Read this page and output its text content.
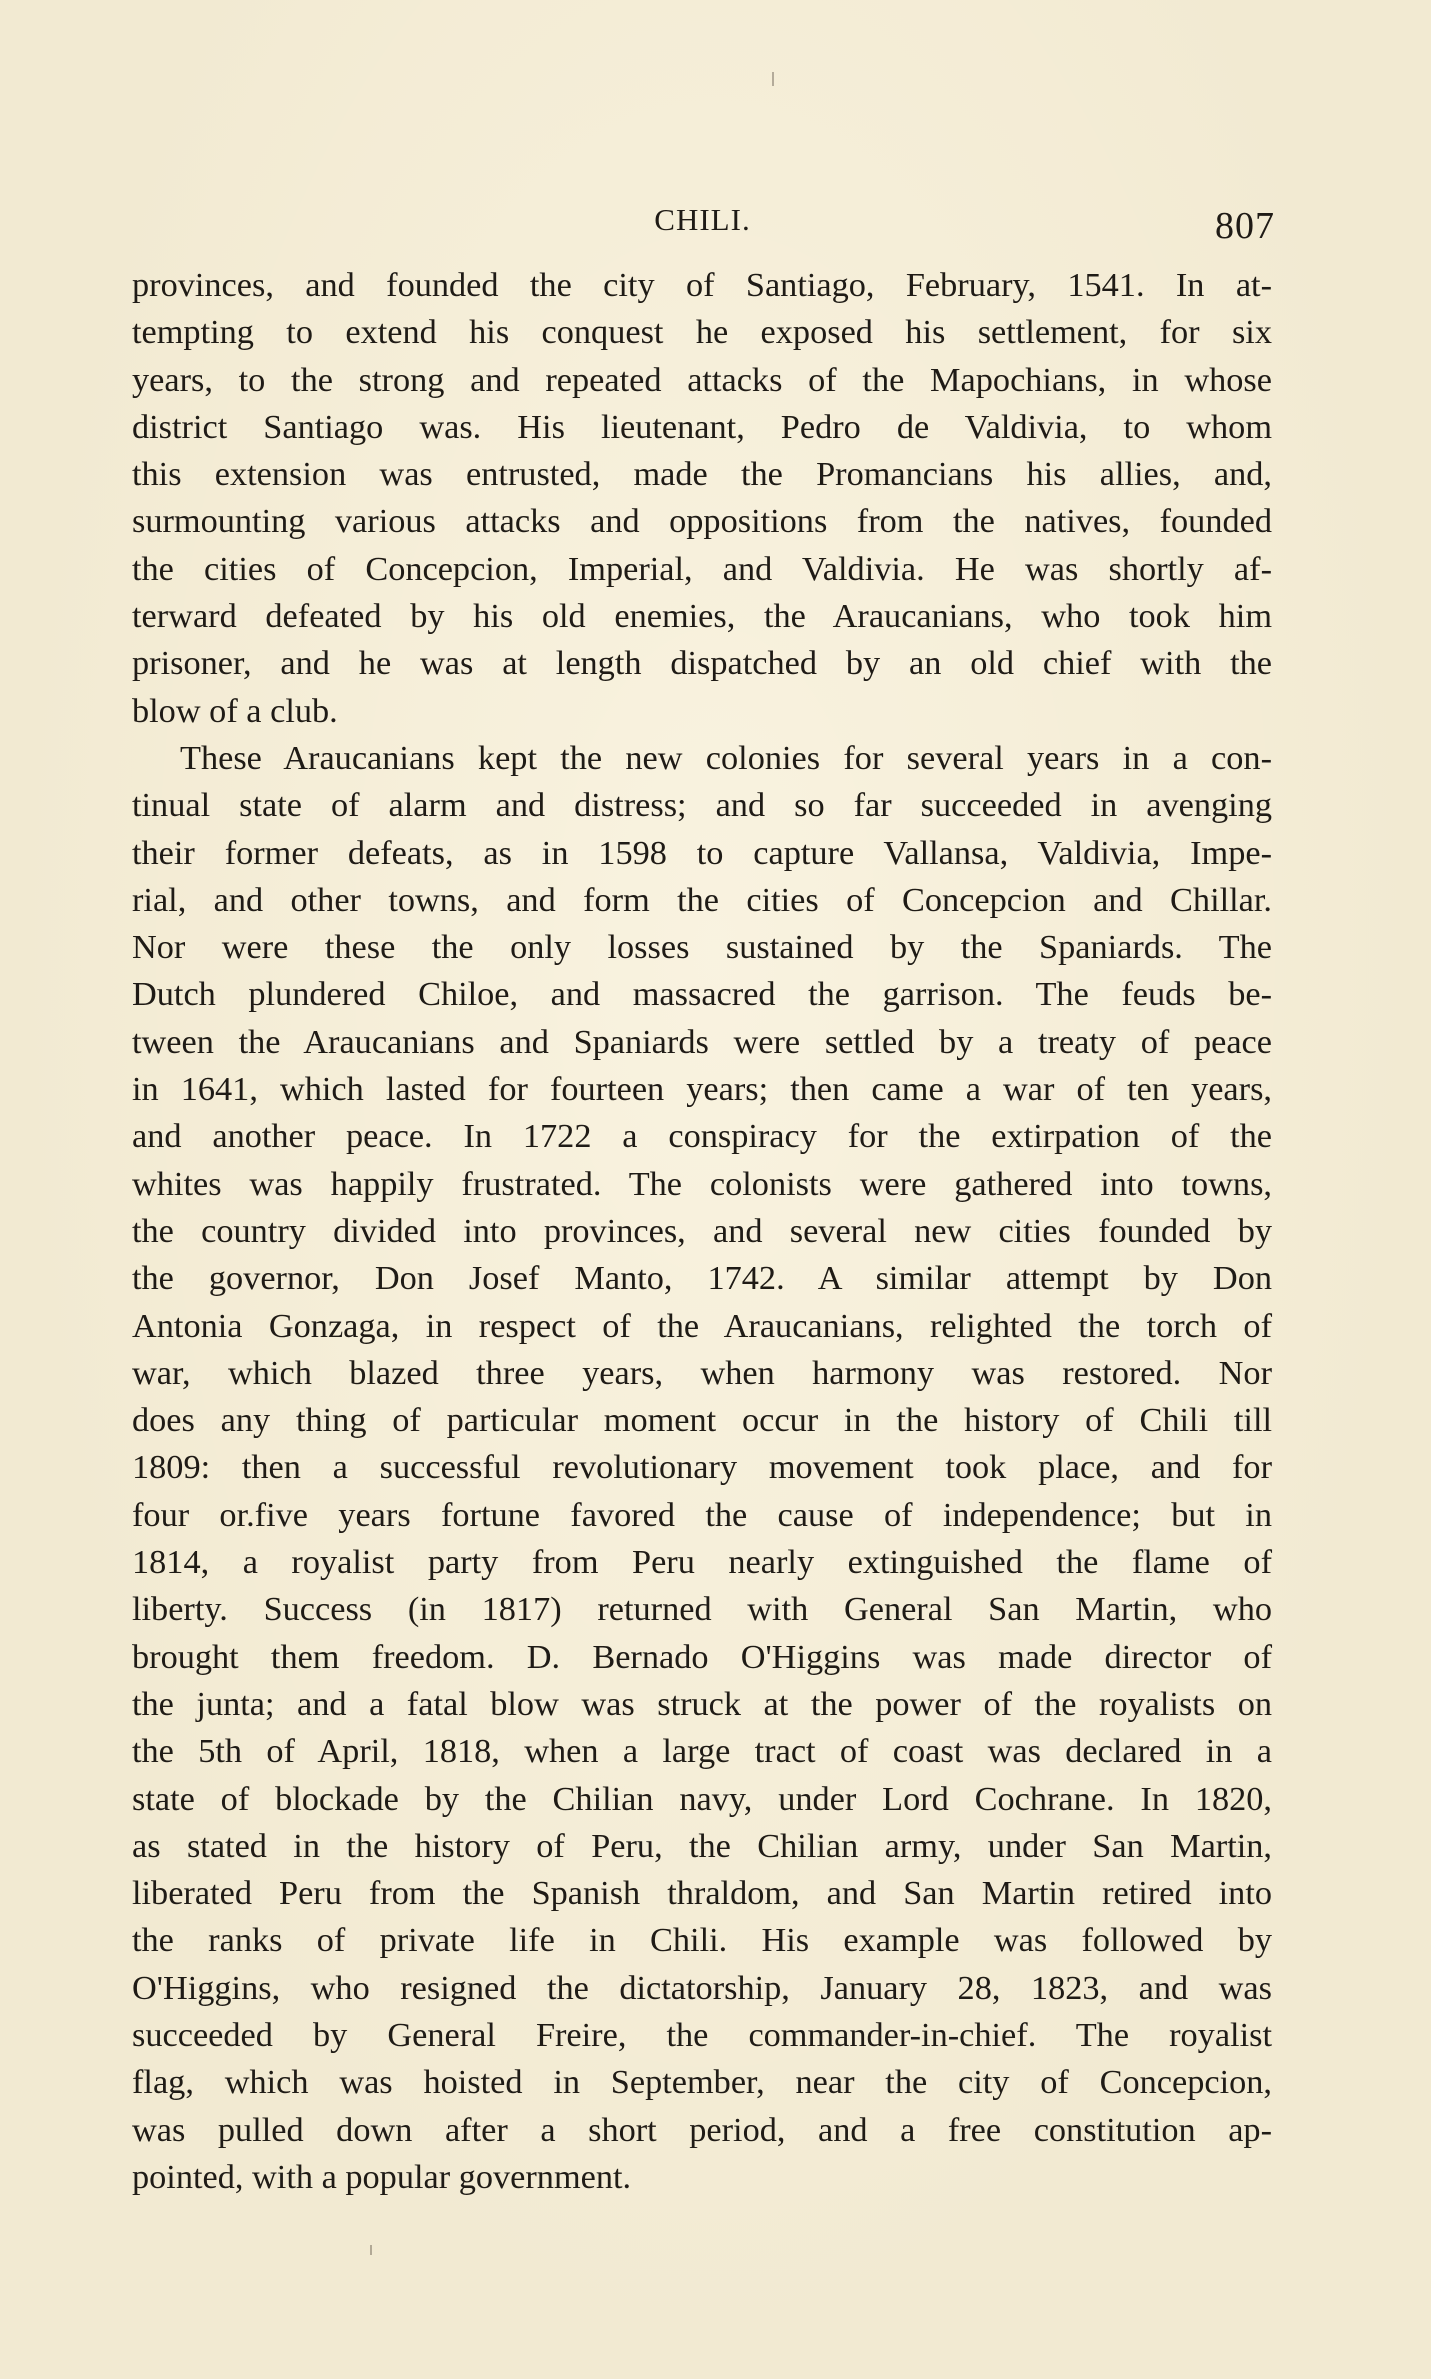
CHILI.	807
provinces, and founded the city of Santiago, February, 1541. In at-
tempting to extend his conquest he exposed his settlement, for six
years, to the strong and repeated attacks of the Mapochians, in whose
district Santiago was. His lieutenant, Pedro de Valdivia, to whom
this extension was entrusted, made the Promancians his allies, and,
surmounting various attacks and oppositions from the natives, founded
the cities of Concepcion, Imperial, and Valdivia. He was shortly af-
terward defeated by his old enemies, the Araucanians, who took him
prisoner, and he was at length dispatched by an old chief with the
blow of a club.
These Araucanians kept the new colonies for several years in a con-
tinual state of alarm and distress; and so far succeeded in avenging
their former defeats, as in 1598 to capture Vallansa, Valdivia, Impe-
rial, and other towns, and form the cities of Concepcion and Chillar.
Nor were these the only losses sustained by the Spaniards. The
Dutch plundered Chiloe, and massacred the garrison. The feuds be-
tween the Araucanians and Spaniards were settled by a treaty of peace
in 1641, which lasted for fourteen years; then came a war of ten years,
and another peace. In 1722 a conspiracy for the extirpation of the
whites was happily frustrated. The colonists were gathered into towns,
the country divided into provinces, and several new cities founded by
the governor, Don Josef Manto, 1742. A similar attempt by Don
Antonia Gonzaga, in respect of the Araucanians, relighted the torch of
war, which blazed three years, when harmony was restored. Nor
does any thing of particular moment occur in the history of Chili till
1809: then a successful revolutionary movement took place, and for
four or.five years fortune favored the cause of independence; but in
1814, a royalist party from Peru nearly extinguished the flame of
liberty. Success (in 1817) returned with General San Martin, who
brought them freedom. D. Bernado O'Higgins was made director of
the junta; and a fatal blow was struck at the power of the royalists on
the 5th of April, 1818, when a large tract of coast was declared in a
state of blockade by the Chilian navy, under Lord Cochrane. In 1820,
as stated in the history of Peru, the Chilian army, under San Martin,
liberated Peru from the Spanish thraldom, and San Martin retired into
the ranks of private life in Chili. His example was followed by
O'Higgins, who resigned the dictatorship, January 28, 1823, and was
succeeded by General Freire, the commander-in-chief. The royalist
flag, which was hoisted in September, near the city of Concepcion,
was pulled down after a short period, and a free constitution ap-
pointed, with a popular government.
